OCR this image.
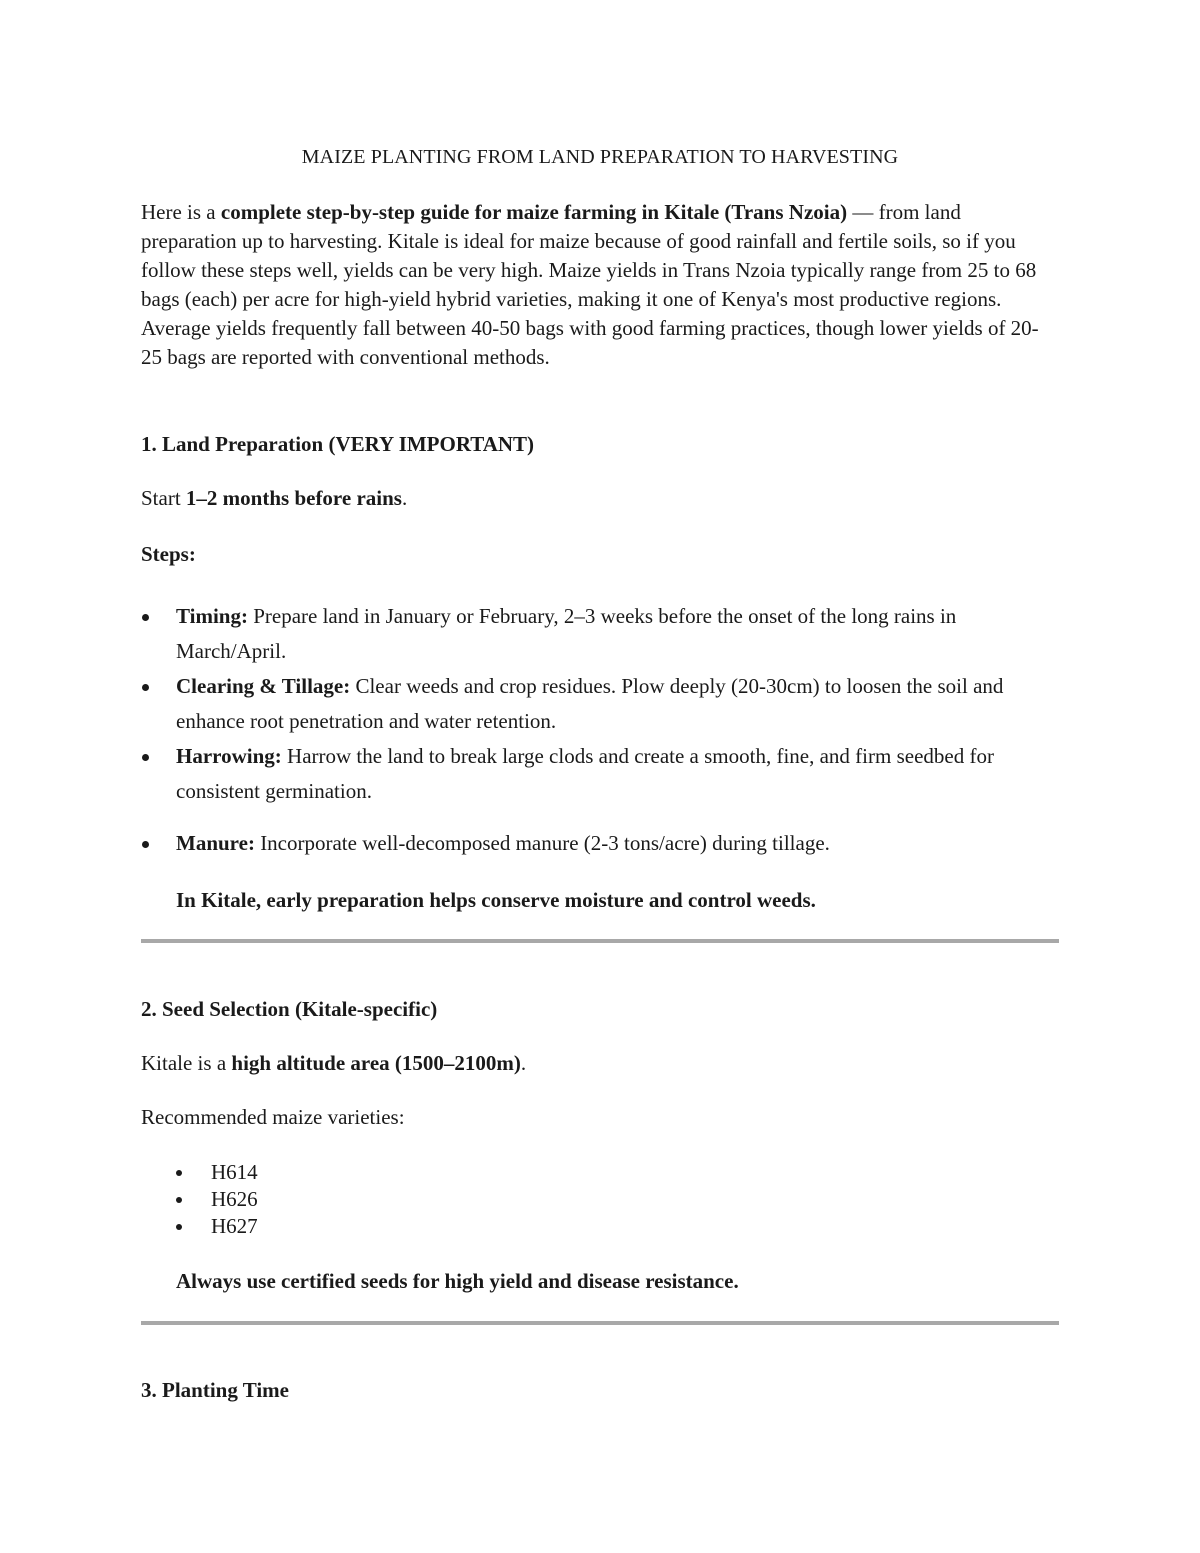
MAIZE PLANTING FROM LAND PREPARATION TO HARVESTING

Here is a complete step-by-step guide for maize farming in Kitale (Trans Nzoia) — from land preparation up to harvesting. Kitale is ideal for maize because of good rainfall and fertile soils, so if you follow these steps well, yields can be very high. Maize yields in Trans Nzoia typically range from 25 to 68 bags (each) per acre for high-yield hybrid varieties, making it one of Kenya's most productive regions. Average yields frequently fall between 40-50 bags with good farming practices, though lower yields of 20-25 bags are reported with conventional methods.

1. Land Preparation (VERY IMPORTANT)

Start 1–2 months before rains.

Steps:

Timing: Prepare land in January or February, 2–3 weeks before the onset of the long rains in March/April.
Clearing & Tillage: Clear weeds and crop residues. Plow deeply (20-30cm) to loosen the soil and enhance root penetration and water retention.
Harrowing: Harrow the land to break large clods and create a smooth, fine, and firm seedbed for consistent germination.
Manure: Incorporate well-decomposed manure (2-3 tons/acre) during tillage.

In Kitale, early preparation helps conserve moisture and control weeds.

2. Seed Selection (Kitale-specific)

Kitale is a high altitude area (1500–2100m).

Recommended maize varieties:

H614
H626
H627

Always use certified seeds for high yield and disease resistance.

3. Planting Time
